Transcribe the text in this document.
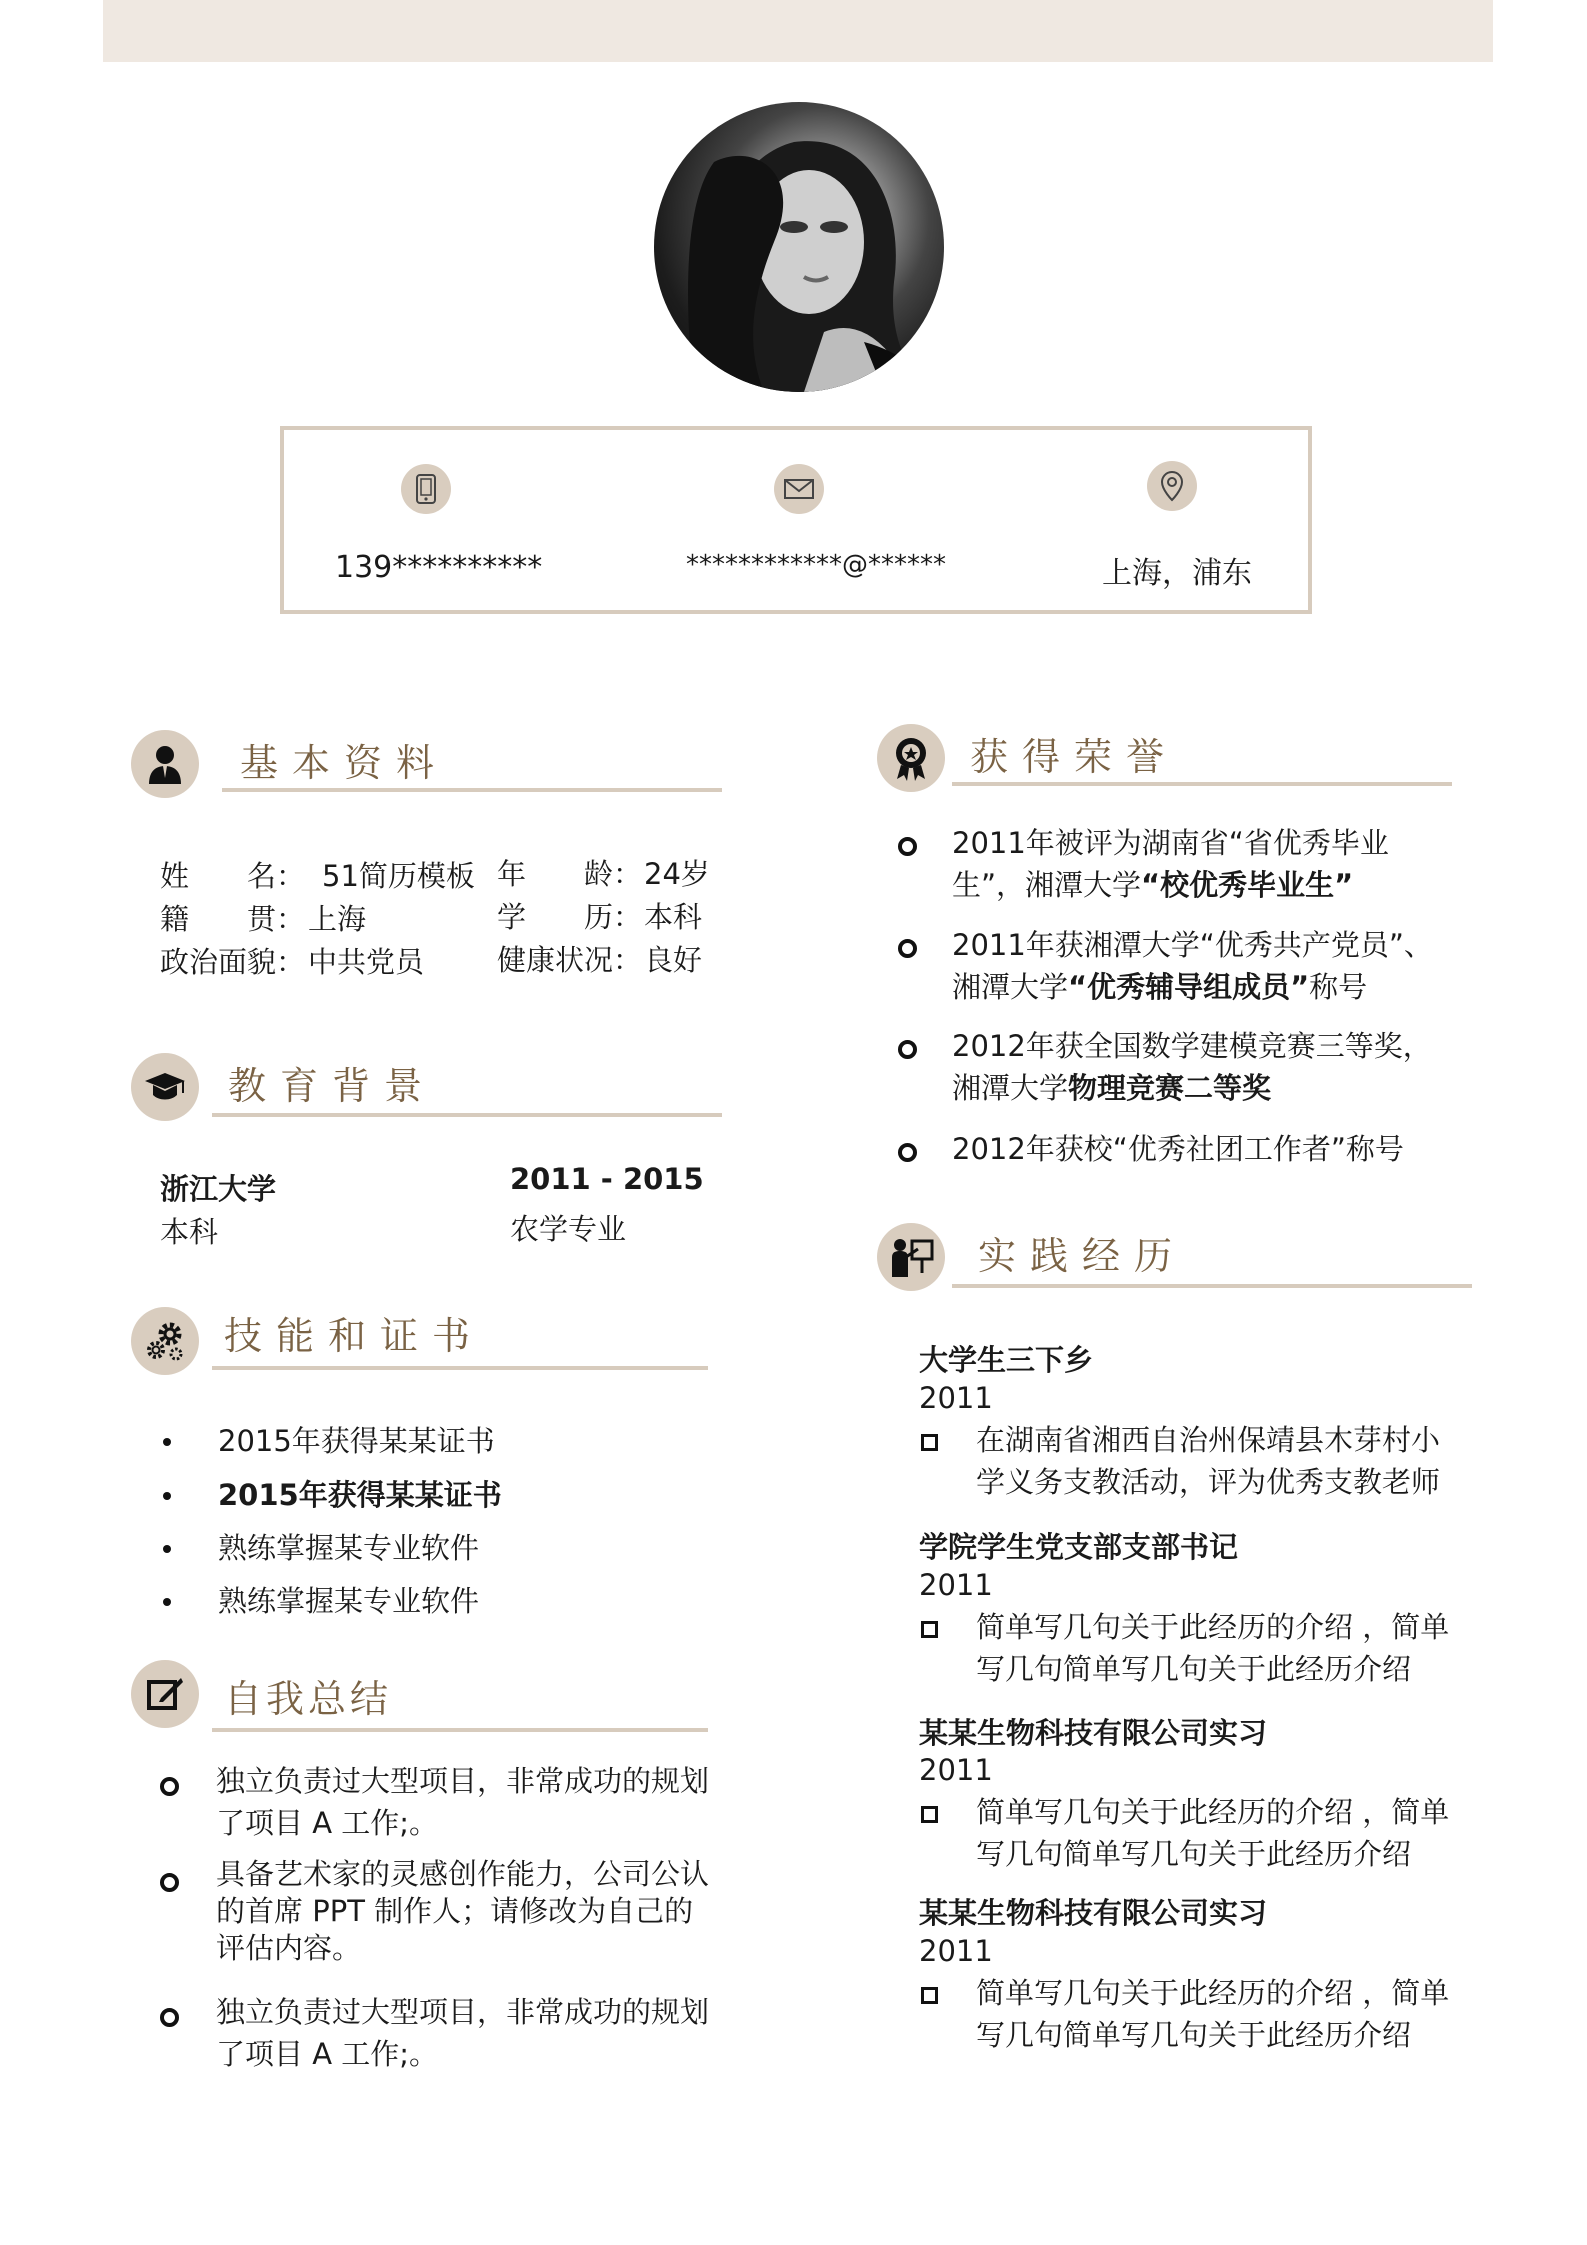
139**********	************@******	上海，浦东
基本资料
姓　　名： 51简历模板 年　　龄： 24岁
籍　　贯： 上海	学　　历： 本科
政治面貌： 中共党员	健康状况： 良好
教育背景
浙江大学	2011 - 2015
本科	农学专业
技能和证书
2015年获得某某证书
2015年获得某某证书
熟练掌握某专业软件
熟练掌握某专业软件
自我总结
独立负责过大型项目，非常成功的规划
了项目 A 工作;。
具备艺术家的灵感创作能力，公司公认
的首席 PPT 制作人；请修改为自己的
评估内容。
独立负责过大型项目，非常成功的规划
了项目 A 工作;。
获得荣誉
2011年被评为湖南省“省优秀毕业
生”，湘潭大学“校优秀毕业生”
2011年获湘潭大学“优秀共产党员”、
湘潭大学“优秀辅导组成员”称号
2012年获全国数学建模竞赛三等奖，
湘潭大学物理竞赛二等奖
2012年获校“优秀社团工作者”称号
实践经历
大学生三下乡
2011
在湖南省湘西自治州保靖县木芽村小
学义务支教活动，评为优秀支教老师
学院学生党支部支部书记
2011
简单写几句关于此经历的介绍 ，简单
写几句简单写几句关于此经历介绍
某某生物科技有限公司实习
2011
简单写几句关于此经历的介绍 ，简单
写几句简单写几句关于此经历介绍
某某生物科技有限公司实习
2011
简单写几句关于此经历的介绍 ，简单
写几句简单写几句关于此经历介绍
